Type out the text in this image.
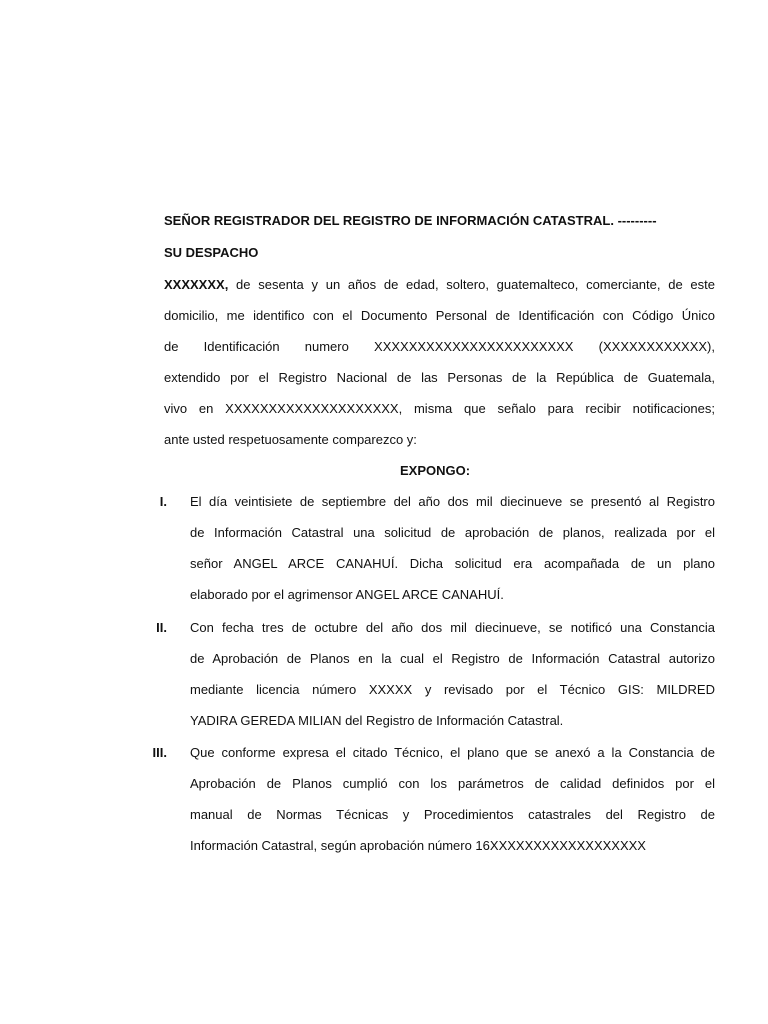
SEÑOR REGISTRADOR DEL REGISTRO DE INFORMACIÓN CATASTRAL. ---------
SU DESPACHO
XXXXXXX, de sesenta y un años de edad, soltero, guatemalteco, comerciante, de este
domicilio, me identifico con el Documento Personal de Identificación con Código Único
de Identificación numero XXXXXXXXXXXXXXXXXXXXXXX (XXXXXXXXXXXX),
extendido por el Registro Nacional de las Personas de la República de Guatemala,
vivo en XXXXXXXXXXXXXXXXXXXX, misma que señalo para recibir notificaciones;
ante usted respetuosamente comparezco y:
EXPONGO:
I. El día veintisiete de septiembre del año dos mil diecinueve se presentó al Registro
de Información Catastral una solicitud de aprobación de planos, realizada por el
señor ANGEL ARCE CANAHUÍ. Dicha solicitud era acompañada de un plano
elaborado por el agrimensor ANGEL ARCE CANAHUÍ.
II. Con fecha tres de octubre del año dos mil diecinueve, se notificó una Constancia
de Aprobación de Planos en la cual el Registro de Información Catastral autorizo
mediante licencia número XXXXX y revisado por el Técnico GIS: MILDRED
YADIRA GEREDA MILIAN del Registro de Información Catastral.
III. Que conforme expresa el citado Técnico, el plano que se anexó a la Constancia de
Aprobación de Planos cumplió con los parámetros de calidad definidos por el
manual de Normas Técnicas y Procedimientos catastrales del Registro de
Información Catastral, según aprobación número 16XXXXXXXXXXXXXXXXXX
